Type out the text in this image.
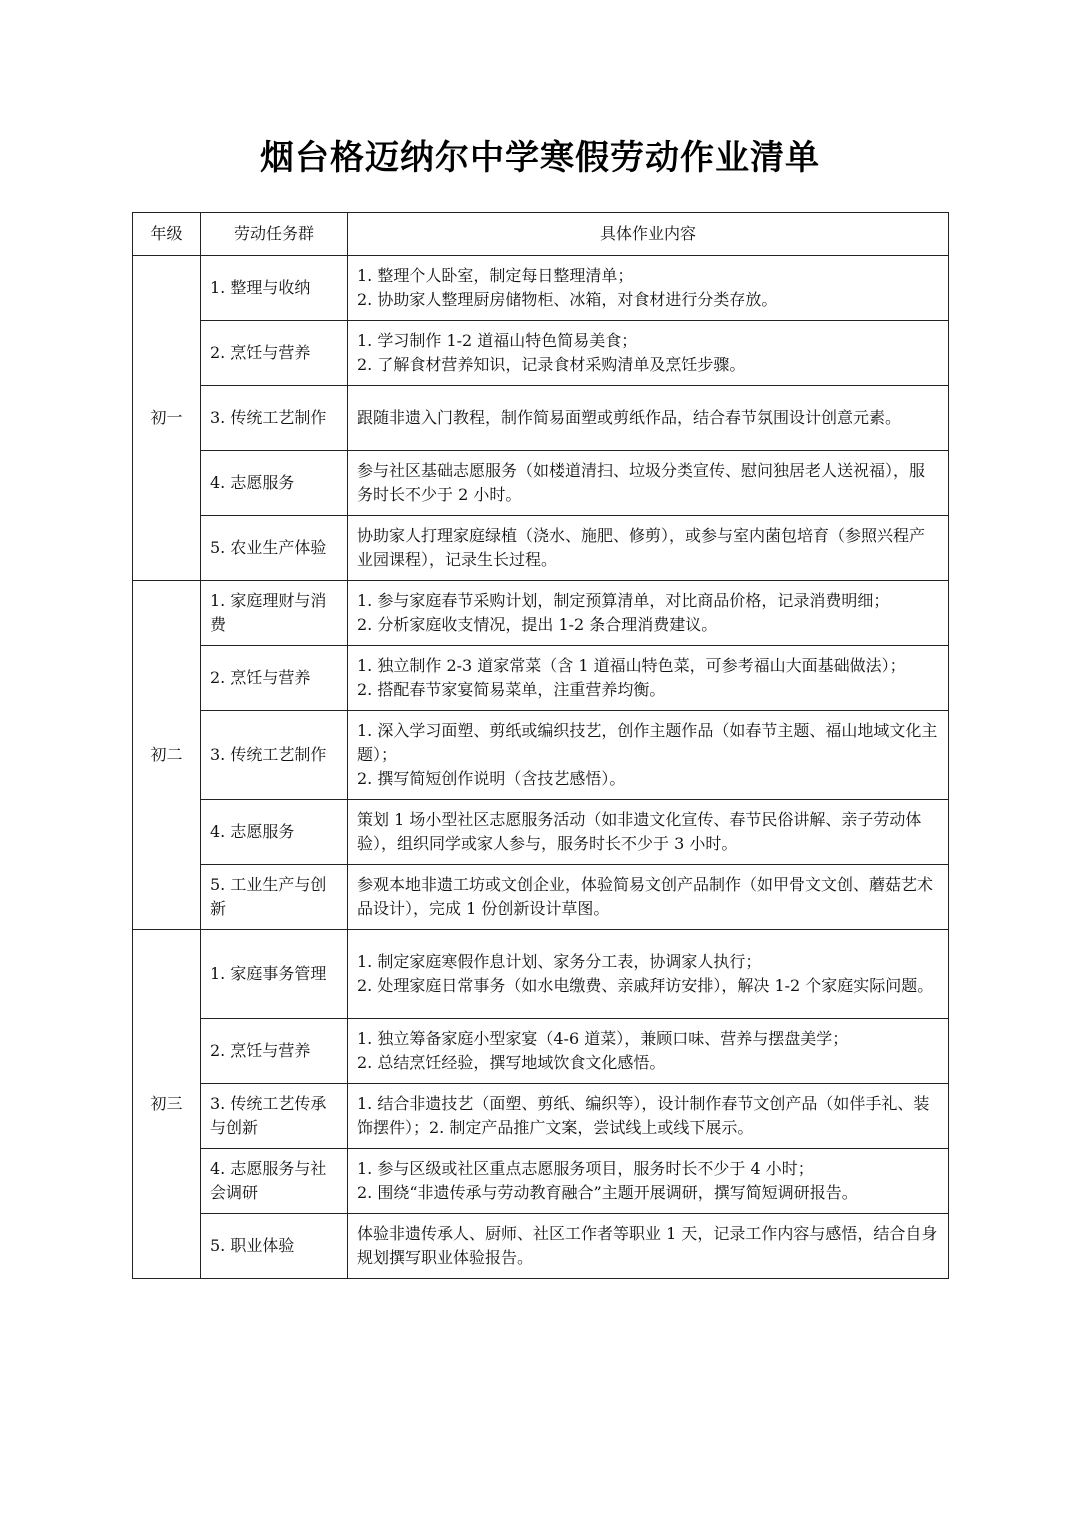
烟台格迈纳尔中学寒假劳动作业清单
年级	劳动任务群	具体作业内容
初一	1. 整理与收纳	1. 整理个人卧室，制定每日整理清单；
2. 协助家人整理厨房储物柜、冰箱，对食材进行分类存放。

	2. 烹饪与营养	1. 学习制作 1-2 道福山特色简易美食；
2. 了解食材营养知识，记录食材采购清单及烹饪步骤。

	3. 传统工艺制作	跟随非遗入门教程，制作简易面塑或剪纸作品，结合春节氛围设计创意元素。

	4. 志愿服务	参与社区基础志愿服务（如楼道清扫、垃圾分类宣传、慰问独居老人送祝福），服务时长不少于 2 小时。

	5. 农业生产体验	协助家人打理家庭绿植（浇水、施肥、修剪），或参与室内菌包培育（参照兴程产业园课程），记录生长过程。

初二	1. 家庭理财与消费	1. 参与家庭春节采购计划，制定预算清单，对比商品价格，记录消费明细；
2. 分析家庭收支情况，提出 1-2 条合理消费建议。

	2. 烹饪与营养	1. 独立制作 2-3 道家常菜（含 1 道福山特色菜，可参考福山大面基础做法）；
2. 搭配春节家宴简易菜单，注重营养均衡。

	3. 传统工艺制作	1. 深入学习面塑、剪纸或编织技艺，创作主题作品（如春节主题、福山地域文化主题）；
2. 撰写简短创作说明（含技艺感悟）。

	4. 志愿服务	策划 1 场小型社区志愿服务活动（如非遗文化宣传、春节民俗讲解、亲子劳动体验），组织同学或家人参与，服务时长不少于 3 小时。

	5. 工业生产与创新	参观本地非遗工坊或文创企业，体验简易文创产品制作（如甲骨文文创、蘑菇艺术品设计），完成 1 份创新设计草图。

初三	1. 家庭事务管理	1. 制定家庭寒假作息计划、家务分工表，协调家人执行；
2. 处理家庭日常事务（如水电缴费、亲戚拜访安排），解决 1-2 个家庭实际问题。

	2. 烹饪与营养	1. 独立筹备家庭小型家宴（4-6 道菜），兼顾口味、营养与摆盘美学；
2. 总结烹饪经验，撰写地域饮食文化感悟。

	3. 传统工艺传承与创新	1. 结合非遗技艺（面塑、剪纸、编织等），设计制作春节文创产品（如伴手礼、装饰摆件）；2. 制定产品推广文案，尝试线上或线下展示。

	4. 志愿服务与社会调研	1. 参与区级或社区重点志愿服务项目，服务时长不少于 4 小时；
2. 围绕“非遗传承与劳动教育融合”主题开展调研，撰写简短调研报告。

	5. 职业体验	体验非遗传承人、厨师、社区工作者等职业 1 天，记录工作内容与感悟，结合自身规划撰写职业体验报告。
